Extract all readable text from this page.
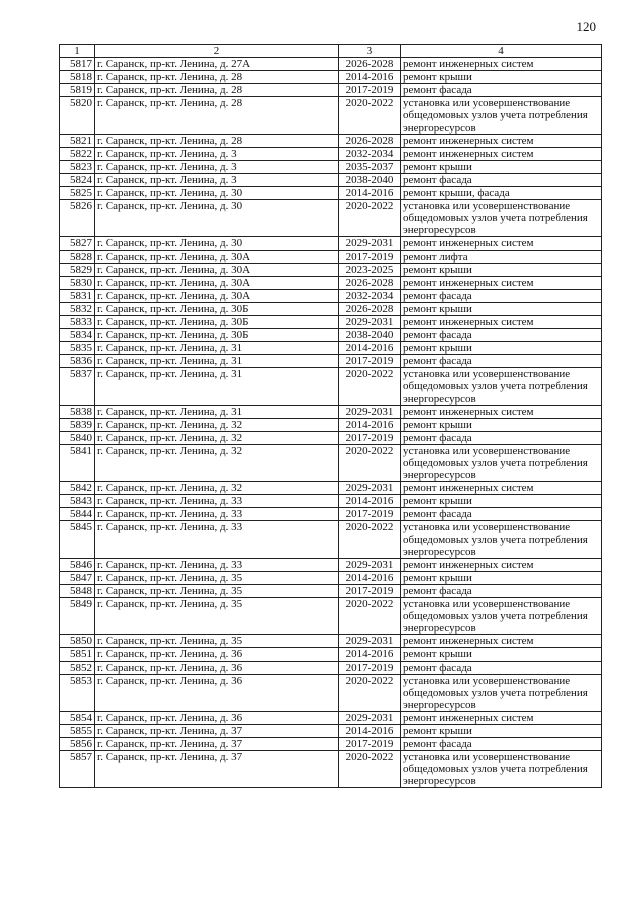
120
1	2	3	4
5817	г. Саранск, пр-кт. Ленина, д. 27А	2026-2028	ремонт инженерных систем
5818	г. Саранск, пр-кт. Ленина, д. 28	2014-2016	ремонт крыши
5819	г. Саранск, пр-кт. Ленина, д. 28	2017-2019	ремонт фасада
5820	г. Саранск, пр-кт. Ленина, д. 28	2020-2022	установка или усовершенствование общедомовых узлов учета потребления энергоресурсов
5821	г. Саранск, пр-кт. Ленина, д. 28	2026-2028	ремонт инженерных систем
5822	г. Саранск, пр-кт. Ленина, д. 3	2032-2034	ремонт инженерных систем
5823	г. Саранск, пр-кт. Ленина, д. 3	2035-2037	ремонт крыши
5824	г. Саранск, пр-кт. Ленина, д. 3	2038-2040	ремонт фасада
5825	г. Саранск, пр-кт. Ленина, д. 30	2014-2016	ремонт крыши, фасада
5826	г. Саранск, пр-кт. Ленина, д. 30	2020-2022	установка или усовершенствование общедомовых узлов учета потребления энергоресурсов
5827	г. Саранск, пр-кт. Ленина, д. 30	2029-2031	ремонт инженерных систем
5828	г. Саранск, пр-кт. Ленина, д. 30А	2017-2019	ремонт лифта
5829	г. Саранск, пр-кт. Ленина, д. 30А	2023-2025	ремонт крыши
5830	г. Саранск, пр-кт. Ленина, д. 30А	2026-2028	ремонт инженерных систем
5831	г. Саранск, пр-кт. Ленина, д. 30А	2032-2034	ремонт фасада
5832	г. Саранск, пр-кт. Ленина, д. 30Б	2026-2028	ремонт крыши
5833	г. Саранск, пр-кт. Ленина, д. 30Б	2029-2031	ремонт инженерных систем
5834	г. Саранск, пр-кт. Ленина, д. 30Б	2038-2040	ремонт фасада
5835	г. Саранск, пр-кт. Ленина, д. 31	2014-2016	ремонт крыши
5836	г. Саранск, пр-кт. Ленина, д. 31	2017-2019	ремонт фасада
5837	г. Саранск, пр-кт. Ленина, д. 31	2020-2022	установка или усовершенствование общедомовых узлов учета потребления энергоресурсов
5838	г. Саранск, пр-кт. Ленина, д. 31	2029-2031	ремонт инженерных систем
5839	г. Саранск, пр-кт. Ленина, д. 32	2014-2016	ремонт крыши
5840	г. Саранск, пр-кт. Ленина, д. 32	2017-2019	ремонт фасада
5841	г. Саранск, пр-кт. Ленина, д. 32	2020-2022	установка или усовершенствование общедомовых узлов учета потребления энергоресурсов
5842	г. Саранск, пр-кт. Ленина, д. 32	2029-2031	ремонт инженерных систем
5843	г. Саранск, пр-кт. Ленина, д. 33	2014-2016	ремонт крыши
5844	г. Саранск, пр-кт. Ленина, д. 33	2017-2019	ремонт фасада
5845	г. Саранск, пр-кт. Ленина, д. 33	2020-2022	установка или усовершенствование общедомовых узлов учета потребления энергоресурсов
5846	г. Саранск, пр-кт. Ленина, д. 33	2029-2031	ремонт инженерных систем
5847	г. Саранск, пр-кт. Ленина, д. 35	2014-2016	ремонт крыши
5848	г. Саранск, пр-кт. Ленина, д. 35	2017-2019	ремонт фасада
5849	г. Саранск, пр-кт. Ленина, д. 35	2020-2022	установка или усовершенствование общедомовых узлов учета потребления энергоресурсов
5850	г. Саранск, пр-кт. Ленина, д. 35	2029-2031	ремонт инженерных систем
5851	г. Саранск, пр-кт. Ленина, д. 36	2014-2016	ремонт крыши
5852	г. Саранск, пр-кт. Ленина, д. 36	2017-2019	ремонт фасада
5853	г. Саранск, пр-кт. Ленина, д. 36	2020-2022	установка или усовершенствование общедомовых узлов учета потребления энергоресурсов
5854	г. Саранск, пр-кт. Ленина, д. 36	2029-2031	ремонт инженерных систем
5855	г. Саранск, пр-кт. Ленина, д. 37	2014-2016	ремонт крыши
5856	г. Саранск, пр-кт. Ленина, д. 37	2017-2019	ремонт фасада
5857	г. Саранск, пр-кт. Ленина, д. 37	2020-2022	установка или усовершенствование общедомовых узлов учета потребления энергоресурсов
